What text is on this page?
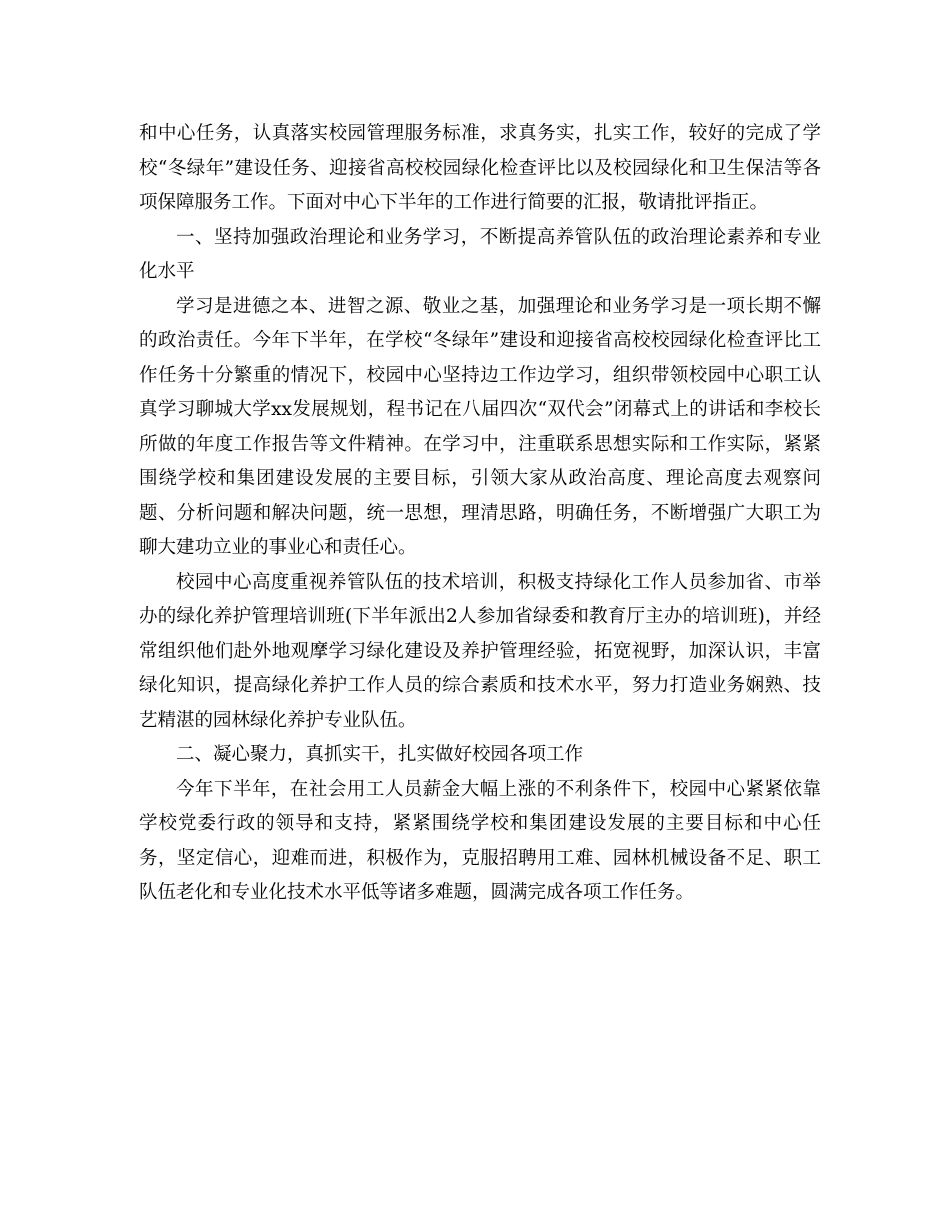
和中心任务，认真落实校园管理服务标准，求真务实，扎实工作，较好的完成了学校“冬绿年”建设任务、迎接省高校校园绿化检查评比以及校园绿化和卫生保洁等各项保障服务工作。下面对中心下半年的工作进行简要的汇报，敬请批评指正。

一、坚持加强政治理论和业务学习，不断提高养管队伍的政治理论素养和专业化水平

学习是进德之本、进智之源、敬业之基，加强理论和业务学习是一项长期不懈的政治责任。今年下半年，在学校“冬绿年”建设和迎接省高校校园绿化检查评比工作任务十分繁重的情况下，校园中心坚持边工作边学习，组织带领校园中心职工认真学习聊城大学xx发展规划，程书记在八届四次“双代会”闭幕式上的讲话和李校长所做的年度工作报告等文件精神。在学习中，注重联系思想实际和工作实际，紧紧围绕学校和集团建设发展的主要目标，引领大家从政治高度、理论高度去观察问题、分析问题和解决问题，统一思想，理清思路，明确任务，不断增强广大职工为聊大建功立业的事业心和责任心。

校园中心高度重视养管队伍的技术培训，积极支持绿化工作人员参加省、市举办的绿化养护管理培训班(下半年派出2人参加省绿委和教育厅主办的培训班)，并经常组织他们赴外地观摩学习绿化建设及养护管理经验，拓宽视野，加深认识，丰富绿化知识，提高绿化养护工作人员的综合素质和技术水平，努力打造业务娴熟、技艺精湛的园林绿化养护专业队伍。

二、凝心聚力，真抓实干，扎实做好校园各项工作

今年下半年，在社会用工人员薪金大幅上涨的不利条件下，校园中心紧紧依靠学校党委行政的领导和支持，紧紧围绕学校和集团建设发展的主要目标和中心任务，坚定信心，迎难而进，积极作为，克服招聘用工难、园林机械设备不足、职工队伍老化和专业化技术水平低等诸多难题，圆满完成各项工作任务。
